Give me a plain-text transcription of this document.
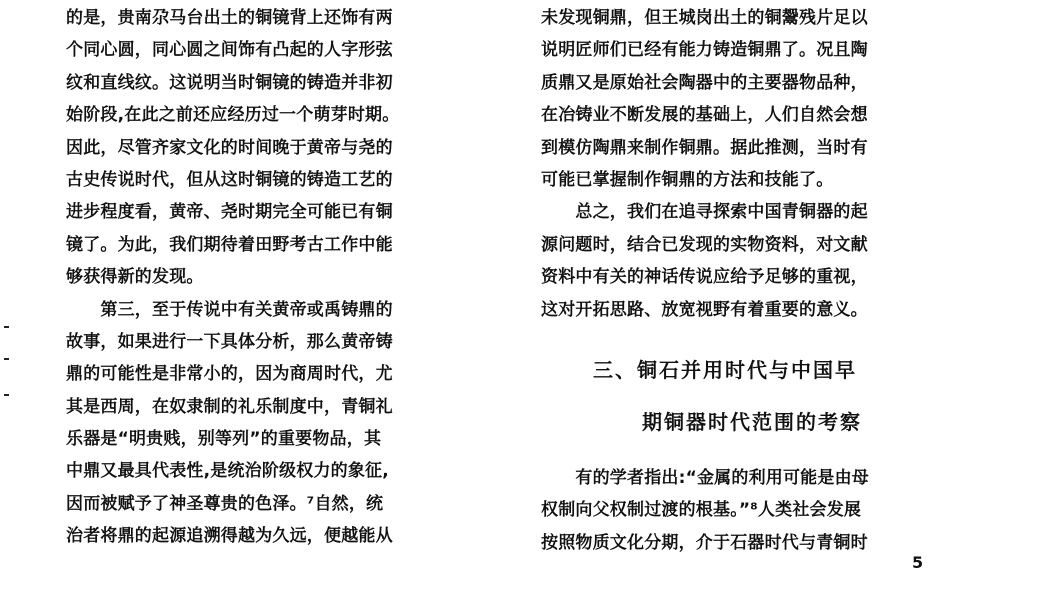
的是，贵南尕马台出土的铜镜背上还饰有两
个同心圆，同心圆之间饰有凸起的人字形弦
纹和直线纹。这说明当时铜镜的铸造并非初
始阶段,在此之前还应经历过一个萌芽时期。
因此，尽管齐家文化的时间晚于黄帝与尧的
古史传说时代，但从这时铜镜的铸造工艺的
进步程度看，黄帝、尧时期完全可能已有铜
镜了。为此，我们期待着田野考古工作中能
够获得新的发现。
　　第三，至于传说中有关黄帝或禹铸鼎的
故事，如果进行一下具体分析，那么黄帝铸
鼎的可能性是非常小的，因为商周时代，尤
其是西周，在奴隶制的礼乐制度中，青铜礼
乐器是“明贵贱，别等列”的重要物品，其
中鼎又最具代表性,是统治阶级权力的象征,
因而被赋予了神圣尊贵的色泽。⁷自然，统
治者将鼎的起源追溯得越为久远，便越能从
未发现铜鼎，但王城岗出土的铜鬶残片足以
说明匠师们已经有能力铸造铜鼎了。况且陶
质鼎又是原始社会陶器中的主要器物品种，
在冶铸业不断发展的基础上，人们自然会想
到模仿陶鼎来制作铜鼎。据此推测，当时有
可能已掌握制作铜鼎的方法和技能了。
　　总之，我们在追寻探索中国青铜器的起
源问题时，结合已发现的实物资料，对文献
资料中有关的神话传说应给予足够的重视，
这对开拓思路、放宽视野有着重要的意义。
三、铜石并用时代与中国早
期铜器时代范围的考察
　　有的学者指出:“金属的利用可能是由母
权制向父权制过渡的根基。”⁸人类社会发展
按照物质文化分期，介于石器时代与青铜时
5
